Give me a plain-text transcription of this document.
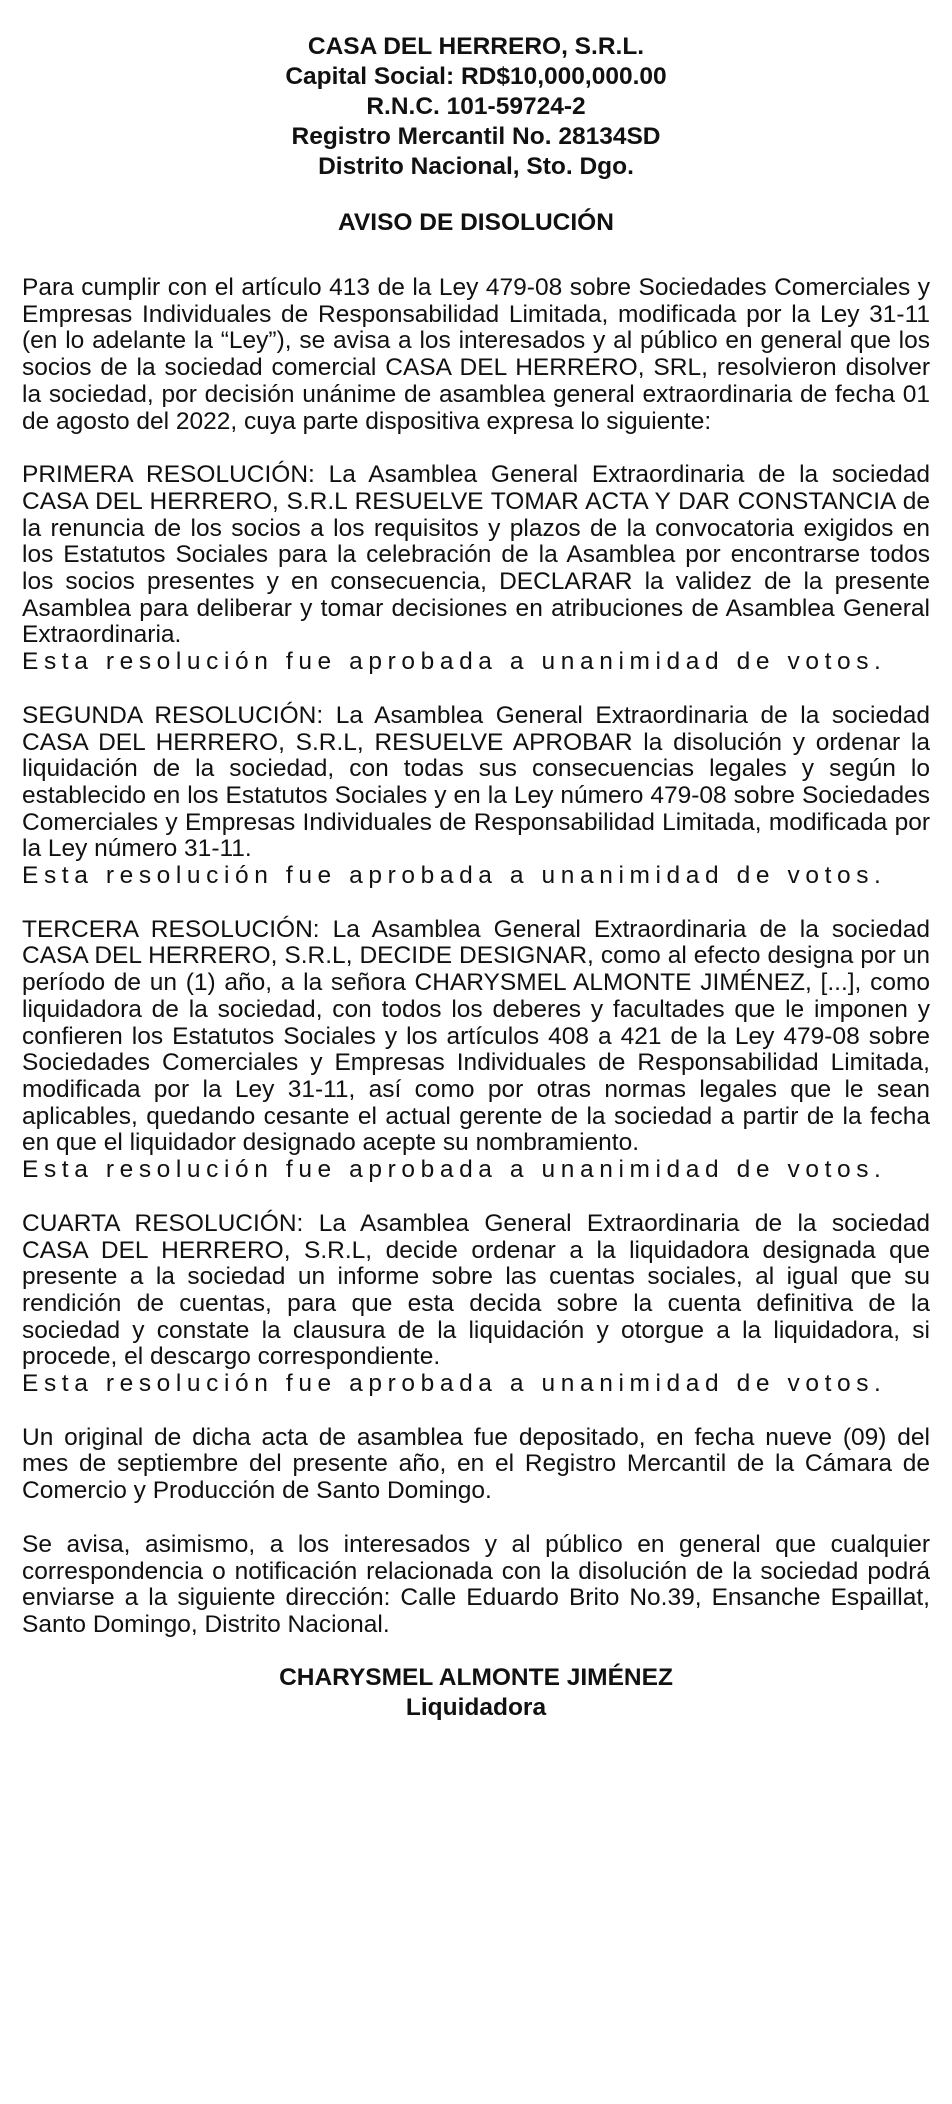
CASA DEL HERRERO, S.R.L.
Capital Social: RD$10,000,000.00
R.N.C. 101-59724-2
Registro Mercantil No. 28134SD
Distrito Nacional, Sto. Dgo.
AVISO DE DISOLUCIÓN

Para cumplir con el artículo 413 de la Ley 479-08 sobre Sociedades Comerciales y Empresas Individuales de Responsabilidad Limitada, modificada por la Ley 31-11 (en lo adelante la “Ley”), se avisa a los interesados y al público en general que los socios de la sociedad comercial CASA DEL HERRERO, SRL, resolvieron disolver la sociedad, por decisión unánime de asamblea general extraordinaria de fecha 01 de agosto del 2022, cuya parte dispositiva expresa lo siguiente:

PRIMERA RESOLUCIÓN: La Asamblea General Extraordinaria de la sociedad CASA DEL HERRERO, S.R.L RESUELVE TOMAR ACTA Y DAR CONSTANCIA de la renuncia de los socios a los requisitos y plazos de la convocatoria exigidos en los Estatutos Sociales para la celebración de la Asamblea por encontrarse todos los socios presentes y en consecuencia, DECLARAR la validez de la presente Asamblea para deliberar y tomar decisiones en atribuciones de Asamblea General Extraordinaria.
Esta resolución fue aprobada a unanimidad de votos.
SEGUNDA RESOLUCIÓN: La Asamblea General Extraordinaria de la sociedad CASA DEL HERRERO, S.R.L, RESUELVE APROBAR la disolución y ordenar la liquidación de la sociedad, con todas sus consecuencias legales y según lo establecido en los Estatutos Sociales y en la Ley número 479-08 sobre Sociedades Comerciales y Empresas Individuales de Responsabilidad Limitada, modificada por la Ley número 31-11.
Esta resolución fue aprobada a unanimidad de votos.
TERCERA RESOLUCIÓN: La Asamblea General Extraordinaria de la sociedad CASA DEL HERRERO, S.R.L, DECIDE DESIGNAR, como al efecto designa por un período de un (1) año, a la señora CHARYSMEL ALMONTE JIMÉNEZ, [...], como liquidadora de la sociedad, con todos los deberes y facultades que le imponen y confieren los Estatutos Sociales y los artículos 408 a 421 de la Ley 479-08 sobre Sociedades Comerciales y Empresas Individuales de Responsabilidad Limitada, modificada por la Ley 31-11, así como por otras normas legales que le sean aplicables, quedando cesante el actual gerente de la sociedad a partir de la fecha en que el liquidador designado acepte su nombramiento.
Esta resolución fue aprobada a unanimidad de votos.
CUARTA RESOLUCIÓN: La Asamblea General Extraordinaria de la sociedad CASA DEL HERRERO, S.R.L, decide ordenar a la liquidadora designada que presente a la sociedad un informe sobre las cuentas sociales, al igual que su rendición de cuentas, para que esta decida sobre la cuenta definitiva de la sociedad y constate la clausura de la liquidación y otorgue a la liquidadora, si procede, el descargo correspondiente.
Esta resolución fue aprobada a unanimidad de votos.

Un original de dicha acta de asamblea fue depositado, en fecha nueve (09) del mes de septiembre del presente año, en el Registro Mercantil de la Cámara de Comercio y Producción de Santo Domingo.

Se avisa, asimismo, a los interesados y al público en general que cualquier correspondencia o notificación relacionada con la disolución de la sociedad podrá enviarse a la siguiente dirección: Calle Eduardo Brito No.39, Ensanche Espaillat, Santo Domingo, Distrito Nacional.

CHARYSMEL ALMONTE JIMÉNEZ
Liquidadora
